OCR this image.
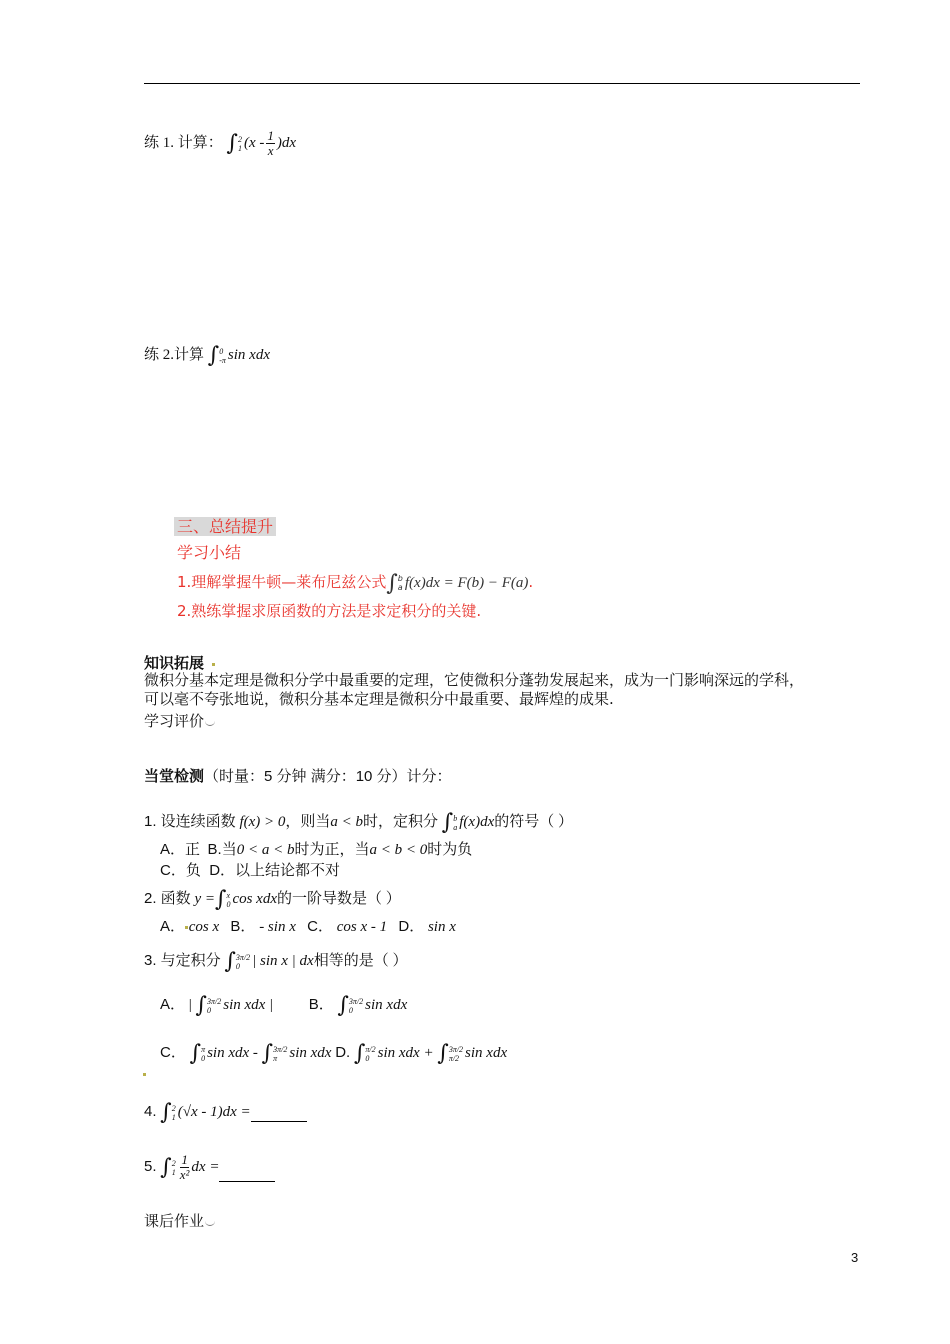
练 1. 计算： ∫ 2
1 $(x - \frac{1}{x} )dx$
练 2.计算 ∫ 0
-π sin xdx
三、总结提升
学习小结
1.理解掌握牛顿—莱布尼兹公式∫ b
a f(x)dx = F(b) − F(a).
2.熟练掌握求原函数的方法是求定积分的关键.
知识拓展
微积分基本定理是微积分学中最重要的定理，它使微积分蓬勃发展起来，成为一门影响深远的学科，
可以毫不夸张地说，微积分基本定理是微积分中最重要、最辉煌的成果.
学习评价
当堂检测（时量：5 分钟 满分：10 分）计分：
1. 设连续函数 f(x) > 0，则当a < b时，定积分 ∫ b
a f(x)dx的符号（ ）
A．正 B.当0 < a < b时为正，当a < b < 0时为负
C．负 D．以上结论都不对
2. 函数 y =∫ x
0 cos xdx的一阶导数是（ ）
A． cos x B． - sin x C． cos x - 1 D． sin x
3. 与定积分 ∫ 3π/2
0 | sin x | dx相等的是（ ）
A． | ∫ 3π/2
0 sin xdx | B． ∫ 3π/2
0 sin xdx
C． ∫ π
0 sin xdx - ∫ 3π/2
π sin xdx D. ∫ π/2
0 sin xdx + ∫ 3π/2
π/2 sin xdx
4. ∫ 2
1 (√x - 1)dx =
5. ∫ 2
$1 \frac{1}{\text{x²}}$ dx =
课后作业
3
